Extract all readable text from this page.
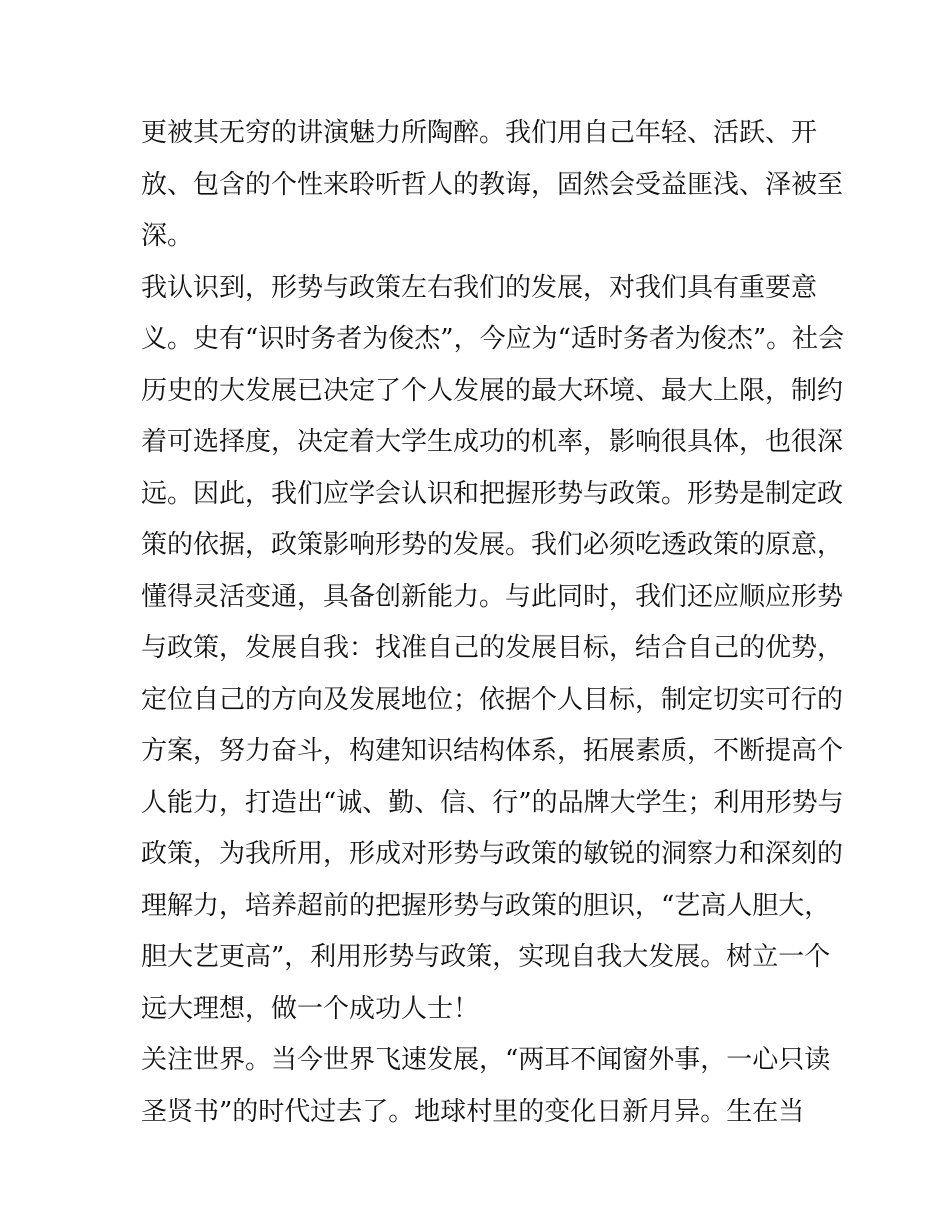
更被其无穷的讲演魅力所陶醉。我们用自己年轻、活跃、开
放、包含的个性来聆听哲人的教诲，固然会受益匪浅、泽被至
深。
我认识到，形势与政策左右我们的发展，对我们具有重要意
义。史有“识时务者为俊杰”，今应为“适时务者为俊杰”。社会
历史的大发展已决定了个人发展的最大环境、最大上限，制约
着可选择度，决定着大学生成功的机率，影响很具体，也很深
远。因此，我们应学会认识和把握形势与政策。形势是制定政
策的依据，政策影响形势的发展。我们必须吃透政策的原意，
懂得灵活变通，具备创新能力。与此同时，我们还应顺应形势
与政策，发展自我：找准自己的发展目标，结合自己的优势，
定位自己的方向及发展地位；依据个人目标，制定切实可行的
方案，努力奋斗，构建知识结构体系，拓展素质，不断提高个
人能力，打造出“诚、勤、信、行”的品牌大学生；利用形势与
政策，为我所用，形成对形势与政策的敏锐的洞察力和深刻的
理解力，培养超前的把握形势与政策的胆识，“艺高人胆大，
胆大艺更高”，利用形势与政策，实现自我大发展。树立一个
远大理想，做一个成功人士！
关注世界。当今世界飞速发展，“两耳不闻窗外事，一心只读
圣贤书”的时代过去了。地球村里的变化日新月异。生在当
